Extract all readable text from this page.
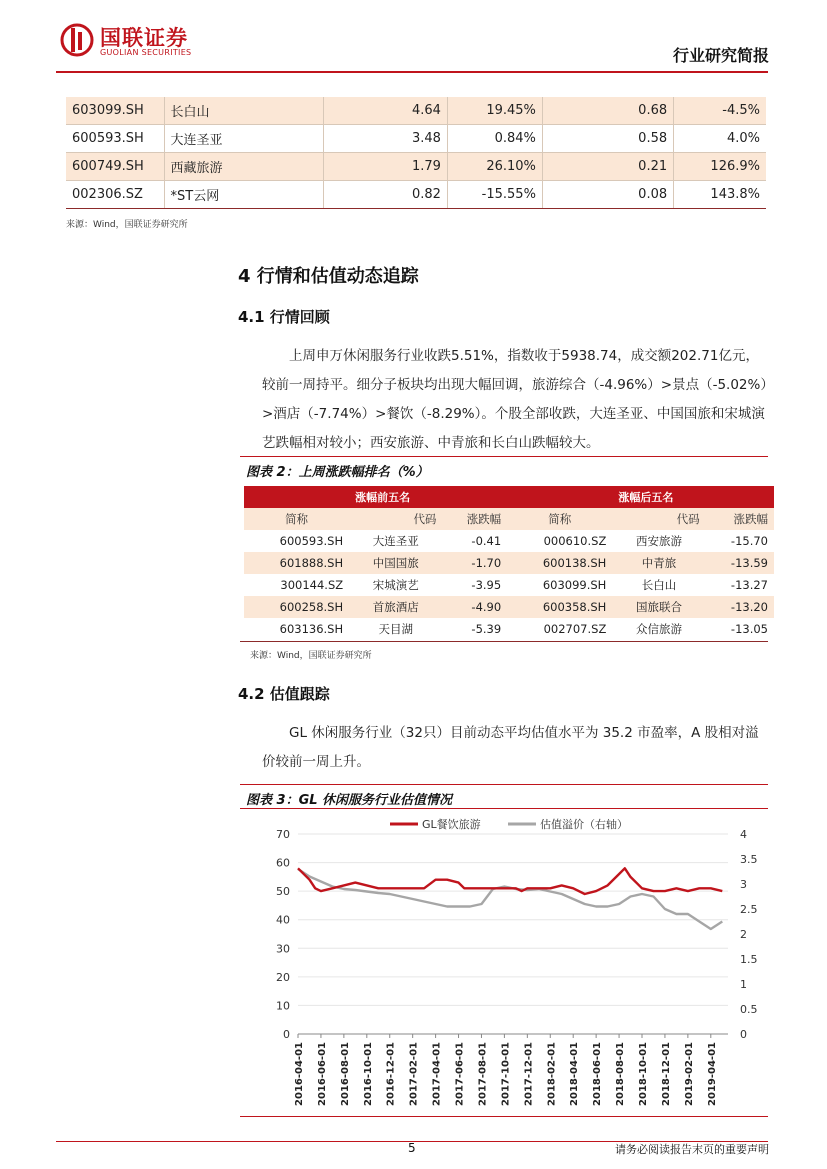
国联证券
GUOLIAN SECURITIES	行业研究简报
603099.SH	长白山	4.64	19.45%	0.68	-4.5%
600593.SH	大连圣亚	3.48	0.84%	0.58	4.0%
600749.SH	西藏旅游	1.79	26.10%	0.21	126.9%
002306.SZ	*ST云网	0.82	-15.55%	0.08	143.8%
来源：Wind，国联证券研究所
4 行情和估值动态追踪
4.1 行情回顾

上周申万休闲服务行业收跌5.51%，指数收于5938.74，成交额202.71亿元，较前一周持平。细分子板块均出现大幅回调，旅游综合（-4.96%）>景点（-5.02%）>酒店（-7.74%）>餐饮（-8.29%）。个股全部收跌，大连圣亚、中国国旅和宋城演艺跌幅相对较小；西安旅游、中青旅和长白山跌幅较大。

图表 2：上周涨跌幅排名（%）
	涨幅前五名			涨幅后五名	
简称	代码	涨跌幅	简称	代码	涨跌幅
600593.SH	大连圣亚	-0.41	000610.SZ	西安旅游	-15.70
601888.SH	中国国旅	-1.70	600138.SH	中青旅	-13.59
300144.SZ	宋城演艺	-3.95	603099.SH	长白山	-13.27
600258.SH	首旅酒店	-4.90	600358.SH	国旅联合	-13.20
603136.SH	天目湖	-5.39	002707.SZ	众信旅游	-13.05
来源：Wind，国联证券研究所
4.2 估值跟踪

GL 休闲服务行业（32只）目前动态平均估值水平为 35.2 市盈率，A 股相对溢价较前一周上升。

图表 3：GL 休闲服务行业估值情况
0
10
20
30
40
50
60
70
0
0.5
1
1.5
2
2.5
3
3.5
4
2016-04-01 2016-06-01 2016-08-01 2016-10-01 2016-12-01 2017-02-01 2017-04-01 2017-06-01 2017-08-01 2017-10-01 2017-12-01 2018-02-01 2018-04-01 2018-06-01 2018-08-01 2018-10-01 2018-12-01 2019-02-01 2019-04-01
GL餐饮旅游	估值溢价（右轴）
5	请务必阅读报告末页的重要声明
